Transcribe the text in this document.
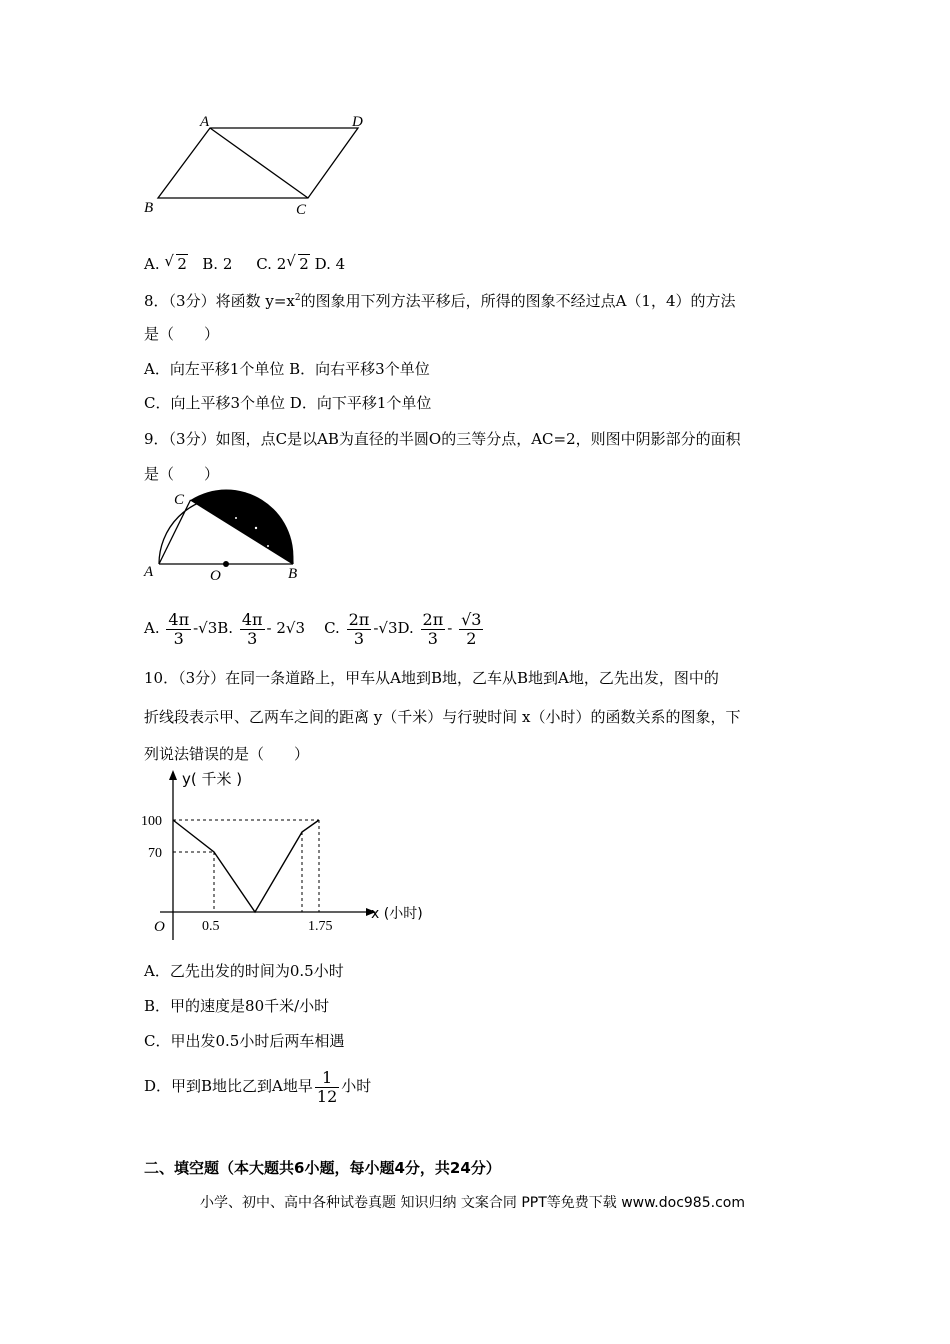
A	D
B	C
A. √ 2 B. 2 C. 2 √ 2 D. 4
8．（3分）将函数 $y=x^2$的图象用下列方法平移后，所得的图象不经过点A（1，4）的方法
是（　　）
A．向左平移1个单位 B．向右平移3个单位
C．向上平移3个单位 D．向下平移1个单位
9．（3分）如图，点C是以AB为直径的半圆O的三等分点，AC=2，则图中阴影部分的面积
是（　　）
C
A	O	B
A. $\frac{4\pi}{3} -√3B$. $\frac{4\pi}{3} - 2√3$ C. $\frac{2\pi}{3} -√3D$. $\frac{2\pi}{3} - \frac{√3}{2}$
10．（3分）在同一条道路上，甲车从A地到B地，乙车从B地到A地，乙先出发，图中的
折线段表示甲、乙两车之间的距离 y（千米）与行驶时间 x（小时）的函数关系的图象，下
列说法错误的是（　　）
y( 千米 )
x (小时)
100
70
O	0.5	1.75
A．乙先出发的时间为0.5小时
B．甲的速度是80千米/小时
C．甲出发0.5小时后两车相遇
D．甲到B地比乙到A地早 $\frac{1}{12}$ 小时
二、填空题（本大题共6小题，每小题4分，共24分）
小学、初中、高中各种试卷真题 知识归纳 文案合同 PPT等免费下载 www.doc985.com
